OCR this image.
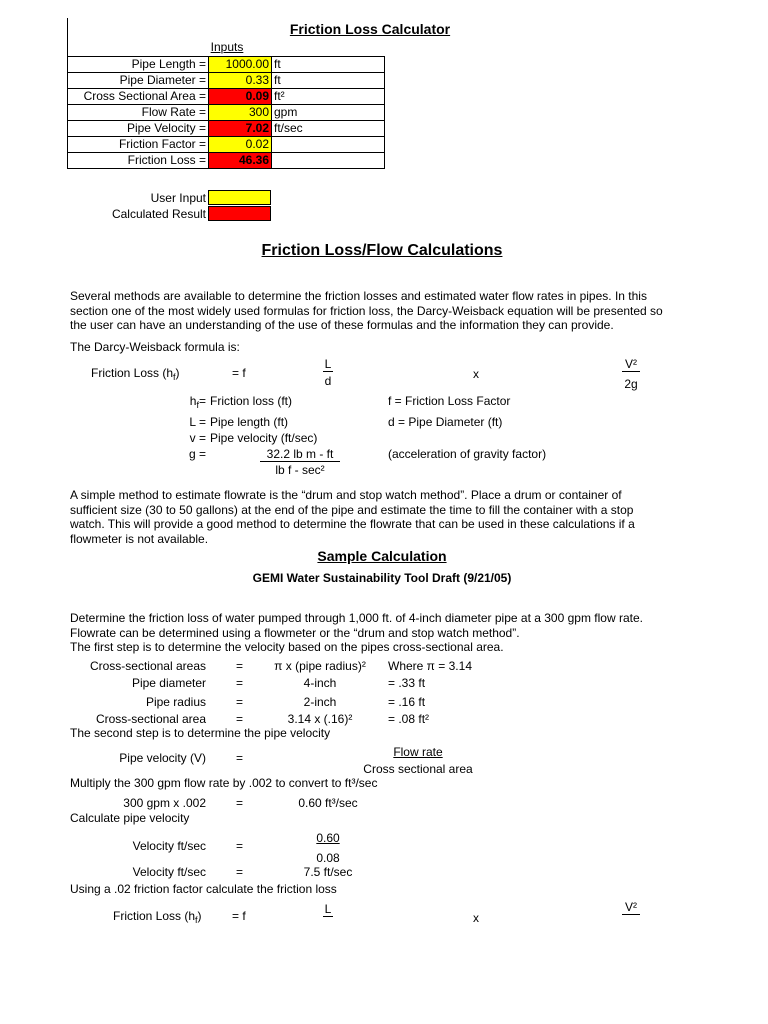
Friction Loss Calculator
Inputs
Pipe Length =	1000.00	ft
Pipe Diameter =	0.33	ft
Cross Sectional Area =	0.09	ft²
Flow Rate =	300	gpm
Pipe Velocity =	7.02	ft/sec
Friction Factor =	0.02	
Friction Loss =	46.36	
User Input
Calculated Result
Friction Loss/Flow Calculations
Several methods are available to determine the friction losses and estimated water flow rates in pipes. In this
section one of the most widely used formulas for friction loss, the Darcy-Weisback equation will be presented so
the user can have an understanding of the use of these formulas and the information they can provide.
The Darcy-Weisback formula is:
Friction Loss $(h_f)$	= f
L
d	x
V²
2g
$h_f=$ Friction loss (ft)	f = Friction Loss Factor
L = Pipe length (ft)	d = Pipe Diameter (ft)
v = Pipe velocity (ft/sec)
g =	32.2 lb m - ft
lb f - sec²
(acceleration of gravity factor)
A simple method to estimate flowrate is the “drum and stop watch method”. Place a drum or container of
sufficient size (30 to 50 gallons) at the end of the pipe and estimate the time to fill the container with a stop
watch. This will provide a good method to determine the flowrate that can be used in these calculations if a
flowmeter is not available.
Sample Calculation
GEMI Water Sustainability Tool Draft (9/21/05)
Determine the friction loss of water pumped through 1,000 ft. of 4-inch diameter pipe at a 300 gpm flow rate.
Flowrate can be determined using a flowmeter or the “drum and stop watch method”.
The first step is to determine the velocity based on the pipes cross-sectional area.
Cross-sectional areas	=	π x (pipe radius)²	Where π = 3.14
Pipe diameter	=	4-inch	= .33 ft
Pipe radius	=	2-inch	= .16 ft
Cross-sectional area	=	3.14 x (.16)²	= .08 ft²
The second step is to determine the pipe velocity
Pipe velocity (V)	=	Flow rate
Cross sectional area
Multiply the 300 gpm flow rate by .002 to convert to ft³/sec
300 gpm x .002	=	0.60 ft³/sec
Calculate pipe velocity
0.60
Velocity ft/sec	=
0.08
Velocity ft/sec	=	7.5 ft/sec
Using a .02 friction factor calculate the friction loss
Friction Loss $(h_f)$	= f	L
x
V²
